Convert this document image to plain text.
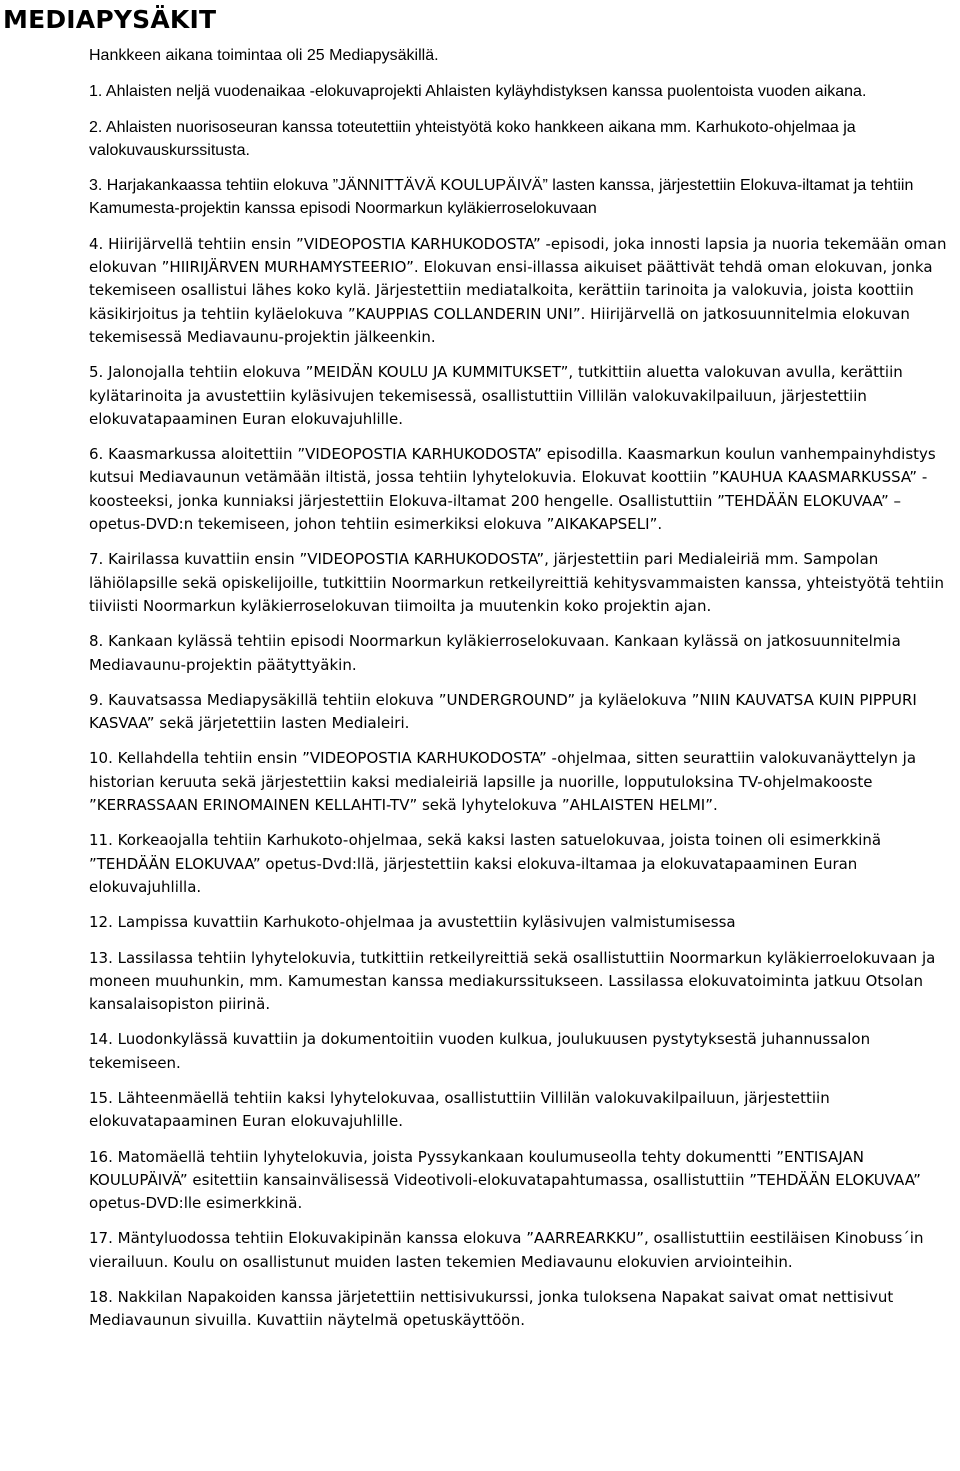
MEDIAPYSÄKIT

Hankkeen aikana toimintaa oli 25 Mediapysäkillä.

1. Ahlaisten neljä vuodenaikaa -elokuvaprojekti Ahlaisten kyläyhdistyksen kanssa puolentoista vuoden aikana.

2. Ahlaisten nuorisoseuran kanssa toteutettiin yhteistyötä koko hankkeen aikana mm. Karhukoto-ohjelmaa ja valokuvauskurssitusta.

3. Harjakankaassa tehtiin elokuva ”JÄNNITTÄVÄ KOULUPÄIVÄ” lasten kanssa, järjestettiin Elokuva-iltamat ja tehtiin Kamumesta-projektin kanssa episodi Noormarkun kyläkierroselokuvaan

4. Hiirijärvellä tehtiin ensin ”VIDEOPOSTIA KARHUKODOSTA” -episodi, joka innosti lapsia ja nuoria tekemään oman elokuvan ”HIIRIJÄRVEN MURHAMYSTEERIO”. Elokuvan ensi-illassa aikuiset päättivät tehdä oman elokuvan, jonka tekemiseen osallistui lähes koko kylä. Järjestettiin mediatalkoita, kerättiin tarinoita ja valokuvia, joista koottiin käsikirjoitus ja tehtiin kyläelokuva ”KAUPPIAS COLLANDERIN UNI”. Hiirijärvellä on jatkosuunnitelmia elokuvan tekemisessä Mediavaunu-projektin jälkeenkin.

5. Jalonojalla tehtiin elokuva ”MEIDÄN KOULU JA KUMMITUKSET”, tutkittiin aluetta valokuvan avulla, kerättiin kylätarinoita ja avustettiin kyläsivujen tekemisessä, osallistuttiin Villilän valokuvakilpailuun, järjestettiin elokuvatapaaminen Euran elokuvajuhlille.

6. Kaasmarkussa aloitettiin ”VIDEOPOSTIA KARHUKODOSTA” episodilla. Kaasmarkun koulun vanhempainyhdistys kutsui Mediavaunun vetämään iltistä, jossa tehtiin lyhytelokuvia. Elokuvat koottiin ”KAUHUA KAASMARKUSSA” -koosteeksi, jonka kunniaksi järjestettiin Elokuva-iltamat 200 hengelle. Osallistuttiin ”TEHDÄÄN ELOKUVAA” –opetus-DVD:n tekemiseen, johon tehtiin esimerkiksi elokuva ”AIKAKAPSELI”.

7. Kairilassa kuvattiin ensin ”VIDEOPOSTIA KARHUKODOSTA”, järjestettiin pari Medialeiriä mm. Sampolan lähiölapsille sekä opiskelijoille, tutkittiin Noormarkun retkeilyreittiä kehitysvammaisten kanssa, yhteistyötä tehtiin tiiviisti Noormarkun kyläkierroselokuvan tiimoilta ja muutenkin koko projektin ajan.

8. Kankaan kylässä tehtiin episodi Noormarkun kyläkierroselokuvaan. Kankaan kylässä on jatkosuunnitelmia Mediavaunu-projektin päätyttyäkin.

9. Kauvatsassa Mediapysäkillä tehtiin elokuva ”UNDERGROUND” ja kyläelokuva ”NIIN KAUVATSA KUIN PIPPURI KASVAA” sekä järjetettiin lasten Medialeiri.

10. Kellahdella tehtiin ensin ”VIDEOPOSTIA KARHUKODOSTA” -ohjelmaa, sitten seurattiin valokuvanäyttelyn ja historian keruuta sekä järjestettiin kaksi medialeiriä lapsille ja nuorille, lopputuloksina TV-ohjelmakooste ”KERRASSAAN ERINOMAINEN KELLAHTI-TV” sekä lyhytelokuva ”AHLAISTEN HELMI”.

11. Korkeaojalla tehtiin Karhukoto-ohjelmaa, sekä kaksi lasten satuelokuvaa, joista toinen oli esimerkkinä ”TEHDÄÄN ELOKUVAA” opetus-Dvd:llä, järjestettiin kaksi elokuva-iltamaa ja elokuvatapaaminen Euran elokuvajuhlilla.

12. Lampissa kuvattiin Karhukoto-ohjelmaa ja avustettiin kyläsivujen valmistumisessa

13. Lassilassa tehtiin lyhytelokuvia, tutkittiin retkeilyreittiä sekä osallistuttiin Noormarkun kyläkierroelokuvaan ja moneen muuhunkin, mm. Kamumestan kanssa mediakurssitukseen. Lassilassa elokuvatoiminta jatkuu Otsolan kansalaisopiston piirinä.

14. Luodonkylässä kuvattiin ja dokumentoitiin vuoden kulkua, joulukuusen pystytyksestä juhannussalon tekemiseen.

15. Lähteenmäellä tehtiin kaksi lyhytelokuvaa, osallistuttiin Villilän valokuvakilpailuun, järjestettiin elokuvatapaaminen Euran elokuvajuhlille.

16. Matomäellä tehtiin lyhytelokuvia, joista Pyssykankaan koulumuseolla tehty dokumentti ”ENTISAJAN KOULUPÄIVÄ” esitettiin kansainvälisessä Videotivoli-elokuvatapahtumassa, osallistuttiin ”TEHDÄÄN ELOKUVAA” opetus-DVD:lle esimerkkinä.

17. Mäntyluodossa tehtiin Elokuvakipinän kanssa elokuva ”AARREARKKU”, osallistuttiin eestiläisen Kinobuss´in vierailuun. Koulu on osallistunut muiden lasten tekemien Mediavaunu elokuvien arviointeihin.

18. Nakkilan Napakoiden kanssa järjetettiin nettisivukurssi, jonka tuloksena Napakat saivat omat nettisivut Mediavaunun sivuilla. Kuvattiin näytelmä opetuskäyttöön.
